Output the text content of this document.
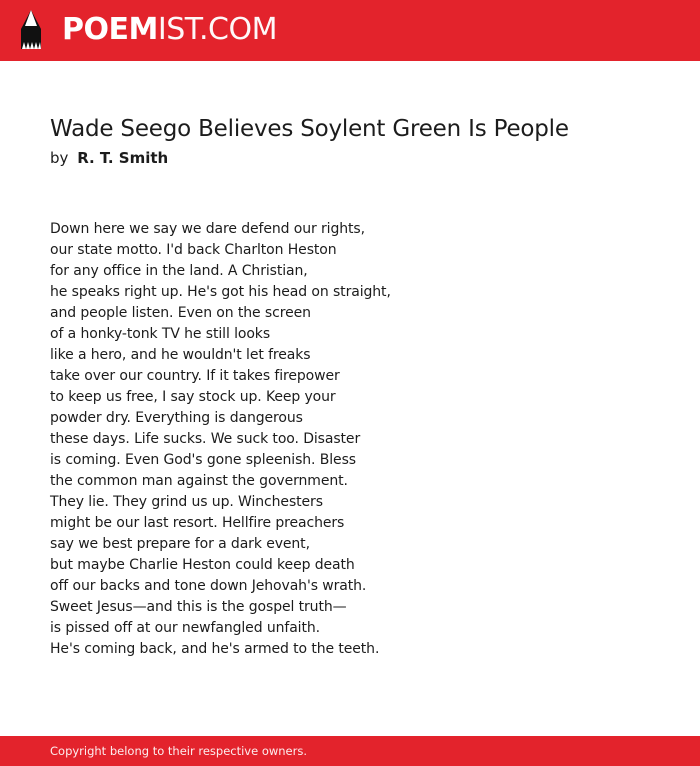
POEMIST.COM
Wade Seego Believes Soylent Green Is People
by R. T. Smith
Down here we say we dare defend our rights,
our state motto. I'd back Charlton Heston
for any office in the land. A Christian,
he speaks right up. He's got his head on straight,
and people listen. Even on the screen
of a honky-tonk TV he still looks
like a hero, and he wouldn't let freaks
take over our country. If it takes firepower
to keep us free, I say stock up. Keep your
powder dry. Everything is dangerous
these days. Life sucks. We suck too. Disaster
is coming. Even God's gone spleenish. Bless
the common man against the government.
They lie. They grind us up. Winchesters
might be our last resort. Hellfire preachers
say we best prepare for a dark event,
but maybe Charlie Heston could keep death
off our backs and tone down Jehovah's wrath.
Sweet Jesus—and this is the gospel truth—
is pissed off at our newfangled unfaith.
He's coming back, and he's armed to the teeth.
Copyright belong to their respective owners.
